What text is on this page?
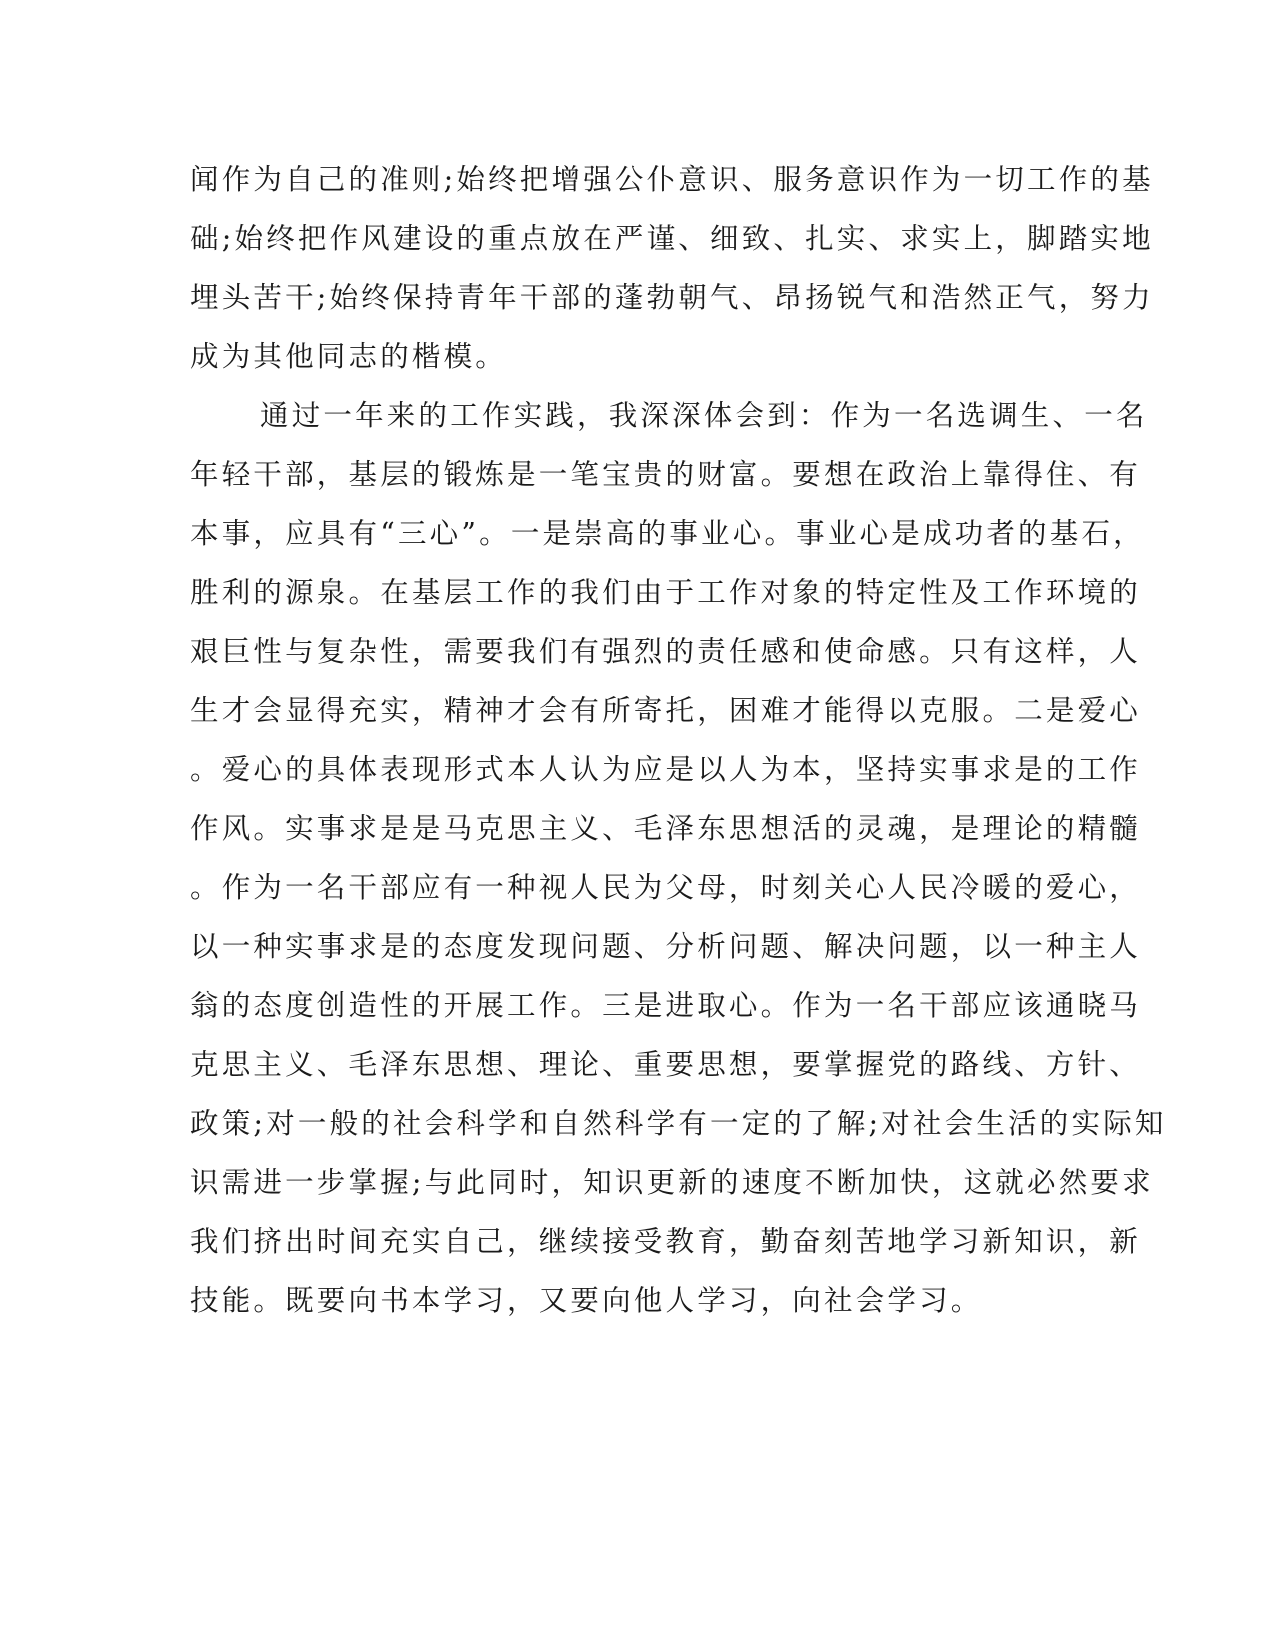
闻作为自己的准则;始终把增强公仆意识、服务意识作为一切工作的基
础;始终把作风建设的重点放在严谨、细致、扎实、求实上，脚踏实地
埋头苦干;始终保持青年干部的蓬勃朝气、昂扬锐气和浩然正气，努力
成为其他同志的楷模。
通过一年来的工作实践，我深深体会到：作为一名选调生、一名
年轻干部，基层的锻炼是一笔宝贵的财富。要想在政治上靠得住、有
本事，应具有“三心”。一是崇高的事业心。事业心是成功者的基石，
胜利的源泉。在基层工作的我们由于工作对象的特定性及工作环境的
艰巨性与复杂性，需要我们有强烈的责任感和使命感。只有这样，人
生才会显得充实，精神才会有所寄托，困难才能得以克服。二是爱心
。爱心的具体表现形式本人认为应是以人为本，坚持实事求是的工作
作风。实事求是是马克思主义、毛泽东思想活的灵魂，是理论的精髓
。作为一名干部应有一种视人民为父母，时刻关心人民冷暖的爱心，
以一种实事求是的态度发现问题、分析问题、解决问题，以一种主人
翁的态度创造性的开展工作。三是进取心。作为一名干部应该通晓马
克思主义、毛泽东思想、理论、重要思想，要掌握党的路线、方针、
政策;对一般的社会科学和自然科学有一定的了解;对社会生活的实际知
识需进一步掌握;与此同时，知识更新的速度不断加快，这就必然要求
我们挤出时间充实自己，继续接受教育，勤奋刻苦地学习新知识，新
技能。既要向书本学习，又要向他人学习，向社会学习。
